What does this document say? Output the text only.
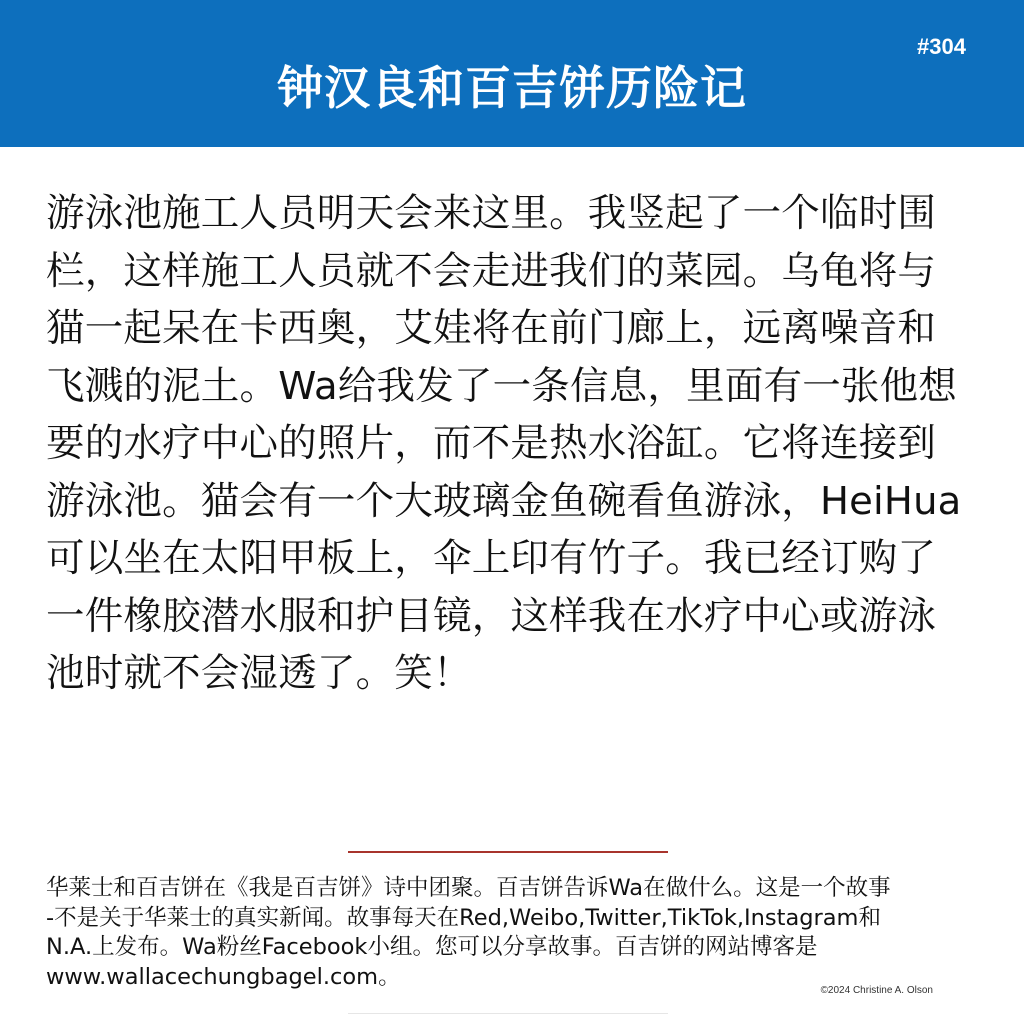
钟汉良和百吉饼历险记
#304
游泳池施工人员明天会来这里。我竖起了一个临时围
栏，这样施工人员就不会走进我们的菜园。乌龟将与
猫一起呆在卡西奥，艾娃将在前门廊上，远离噪音和
飞溅的泥土。Wa给我发了一条信息，里面有一张他想
要的水疗中心的照片，而不是热水浴缸。它将连接到
游泳池。猫会有一个大玻璃金鱼碗看鱼游泳，HeiHua
可以坐在太阳甲板上，伞上印有竹子。我已经订购了
一件橡胶潜水服和护目镜，这样我在水疗中心或游泳
池时就不会湿透了。笑！
华莱士和百吉饼在《我是百吉饼》诗中团聚。百吉饼告诉Wa在做什么。这是一个故事
-不是关于华莱士的真实新闻。故事每天在Red,Weibo,Twitter,TikTok,Instagram和
N.A.上发布。Wa粉丝Facebook小组。您可以分享故事。百吉饼的网站博客是
www.wallacechungbagel.com。
©2024 Christine A. Olson
